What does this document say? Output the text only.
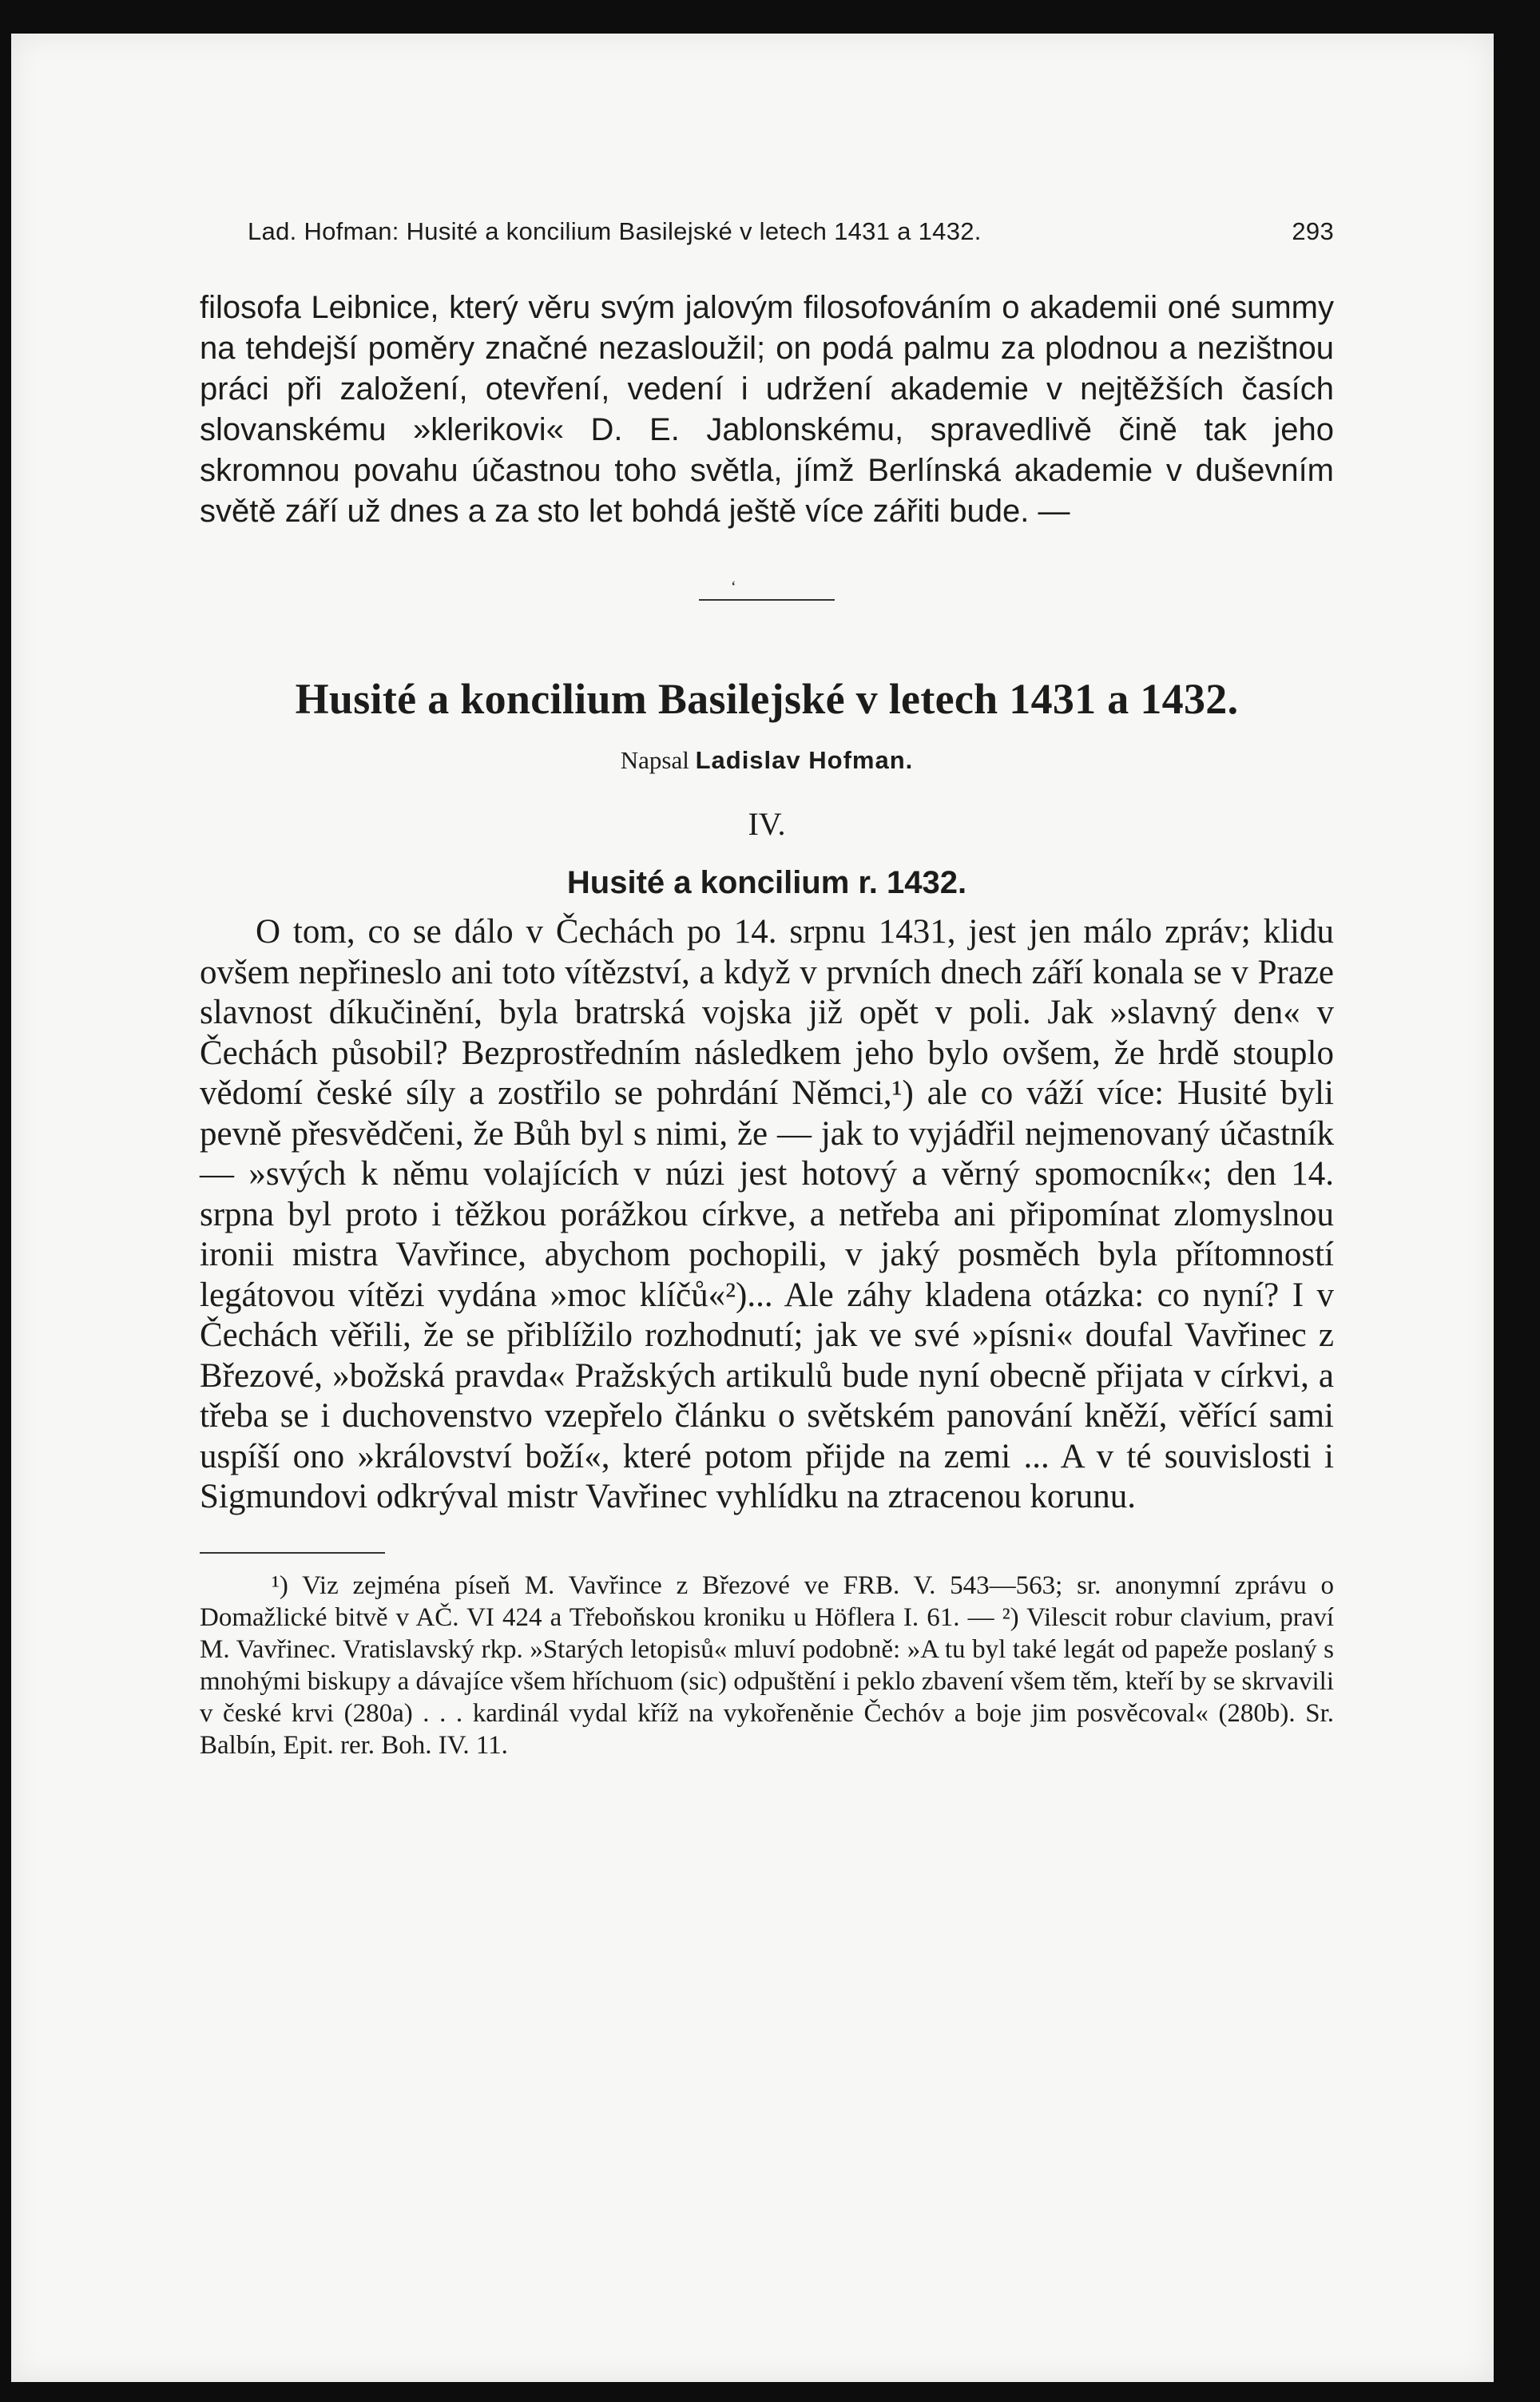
Lad. Hofman: Husité a koncilium Basilejské v letech 1431 a 1432.	293

filosofa Leibnice, který věru svým jalovým filosofováním o akademii oné summy na tehdejší poměry značné nezasloužil; on podá palmu za plodnou a nezištnou práci při založení, otevření, vedení i udržení akademie v nejtěžších časích slovanskému »klerikovi« D. E. Jablonskému, spravedlivě čině tak jeho skromnou povahu účastnou toho světla, jímž Berlínská akademie v duševním světě září už dnes a za sto let bohdá ještě více zářiti bude. —

ʻ
Husité a koncilium Basilejské v letech 1431 a 1432.
Napsal Ladislav Hofman.
IV.
Husité a koncilium r. 1432.

O tom, co se dálo v Čechách po 14. srpnu 1431, jest jen málo zpráv; klidu ovšem nepřineslo ani toto vítězství, a když v prvních dnech září konala se v Praze slavnost díkučinění, byla bratrská vojska již opět v poli. Jak »slavný den« v Čechách působil? Bezprostředním následkem jeho bylo ovšem, že hrdě stouplo vědomí české síly a zostřilo se pohrdání Němci,¹) ale co váží více: Husité byli pevně přesvědčeni, že Bůh byl s nimi, že — jak to vyjádřil nejmenovaný účastník — »svých k němu volajících v núzi jest hotový a věrný spomocník«; den 14. srpna byl proto i těžkou porážkou církve, a netřeba ani připomínat zlomyslnou ironii mistra Vavřince, abychom pochopili, v jaký posměch byla přítomností legátovou vítězi vydána »moc klíčů«²)... Ale záhy kladena otázka: co nyní? I v Čechách věřili, že se přiblížilo rozhodnutí; jak ve své »písni« doufal Vavřinec z Březové, »božská pravda« Pražských artikulů bude nyní obecně přijata v církvi, a třeba se i duchovenstvo vzepřelo článku o světském panování kněží, věřící sami uspíší ono »království boží«, které potom přijde na zemi ... A v té souvislosti i Sigmundovi odkrýval mistr Vavřinec vyhlídku na ztracenou korunu.

¹) Viz zejména píseň M. Vavřince z Březové ve FRB. V. 543—563; sr. anonymní zprávu o Domažlické bitvě v AČ. VI 424 a Třeboňskou kroniku u Höflera I. 61. — ²) Vilescit robur clavium, praví M. Vavřinec. Vratislavský rkp. »Starých letopisů« mluví podobně: »A tu byl také legát od papeže poslaný s mnohými biskupy a dávajíce všem hříchuom (sic) odpuštění i peklo zbavení všem těm, kteří by se skrvavili v české krvi (280a) . . . kardinál vydal kříž na vykořeněnie Čechóv a boje jim posvěcoval« (280b). Sr. Balbín, Epit. rer. Boh. IV. 11.
